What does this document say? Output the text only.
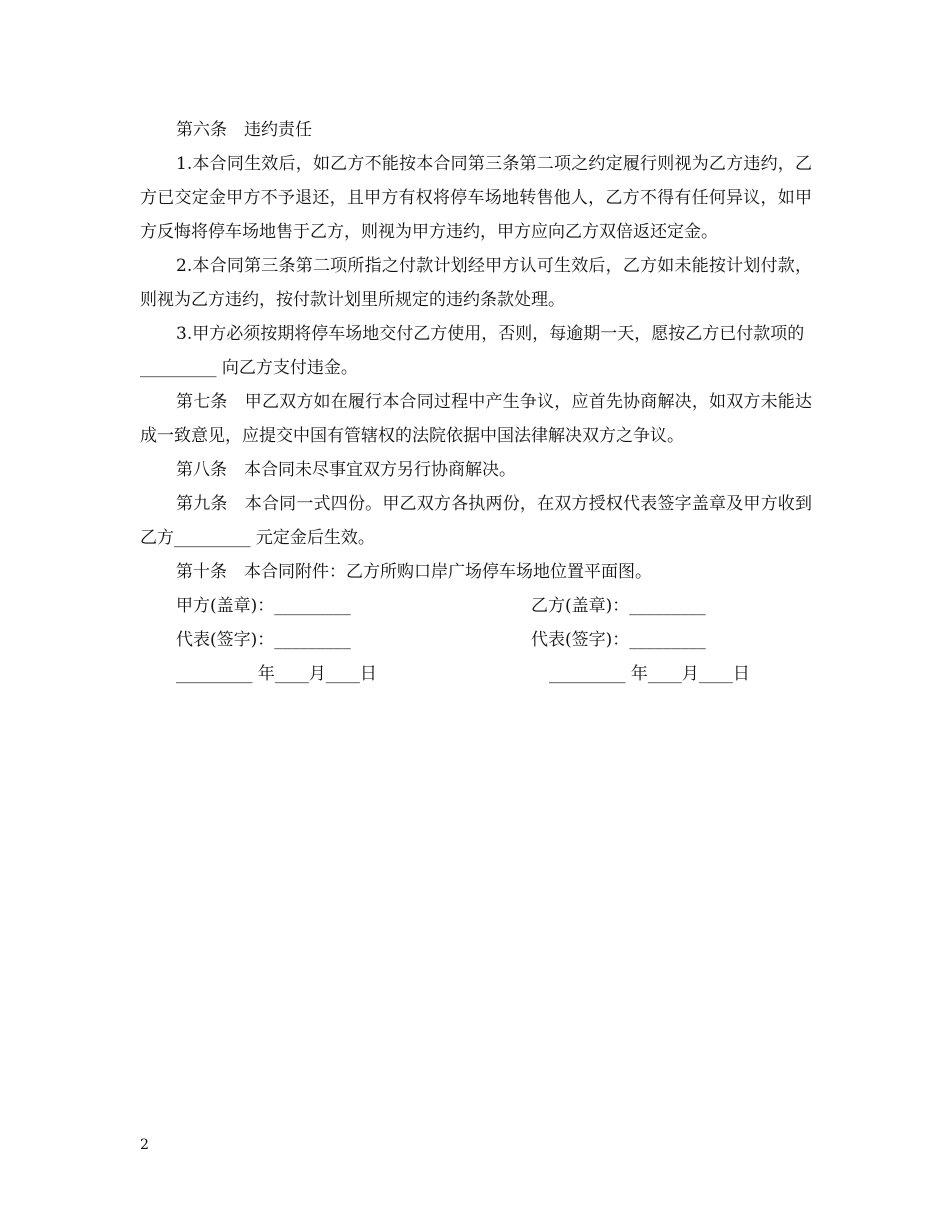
第六条　违约责任

1.本合同生效后，如乙方不能按本合同第三条第二项之约定履行则视为乙方违约，乙方已交定金甲方不予退还，且甲方有权将停车场地转售他人，乙方不得有任何异议，如甲方反悔将停车场地售于乙方，则视为甲方违约，甲方应向乙方双倍返还定金。

2.本合同第三条第二项所指之付款计划经甲方认可生效后，乙方如未能按计划付款，则视为乙方违约，按付款计划里所规定的违约条款处理。

3.甲方必须按期将停车场地交付乙方使用，否则，每逾期一天，愿按乙方已付款项的_________ 向乙方支付违金。

第七条　甲乙双方如在履行本合同过程中产生争议，应首先协商解决，如双方未能达成一致意见，应提交中国有管辖权的法院依据中国法律解决双方之争议。

第八条　本合同未尽事宜双方另行协商解决。

第九条　本合同一式四份。甲乙双方各执两份，在双方授权代表签字盖章及甲方收到乙方_________ 元定金后生效。

第十条　本合同附件：乙方所购口岸广场停车场地位置平面图。

甲方(盖章)：_________	乙方(盖章)：_________
代表(签字)：_________	代表(签字)：_________
_________ 年____月____日	_________ 年____月____日
2
